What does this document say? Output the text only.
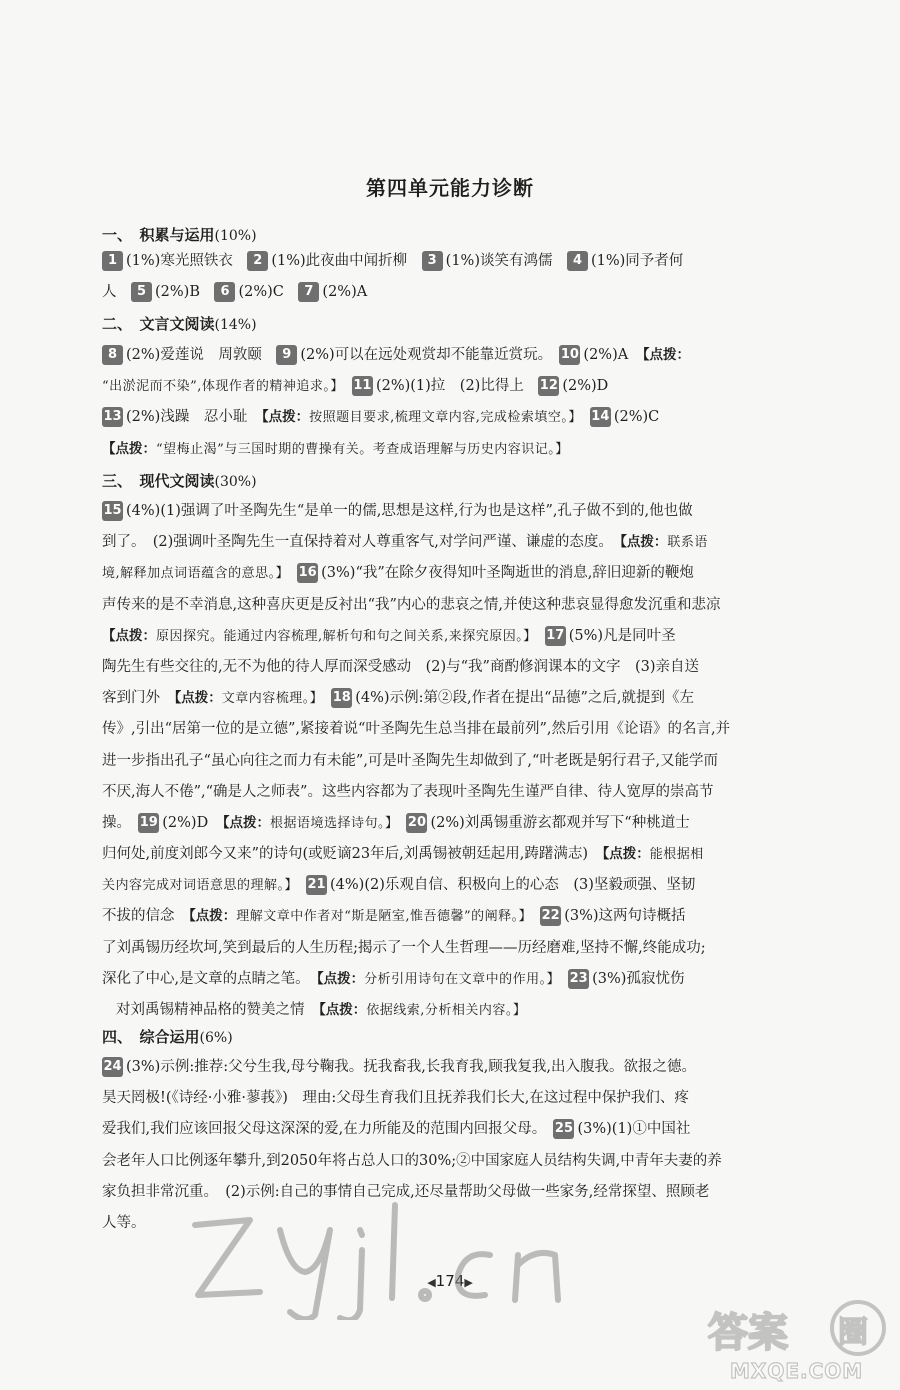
第四单元能力诊断
一、　积累与运用(10%)
1 (1%)寒光照铁衣　 2 (1%)此夜曲中闻折柳　 3 (1%)谈笑有鸿儒　 4 (1%)同予者何
人　 5 (2%)B　 6 (2%)C　 7 (2%)A
二、　文言文阅读(14%)
8 (2%)爱莲说　周敦颐　 9 (2%)可以在远处观赏却不能靠近赏玩。　 10 (2%)A　 【点拨：
“出淤泥而不染”,体现作者的精神追求。】　 11 (2%)(1)拉　(2)比得上　 12 (2%)D
13 (2%)浅躁　忍小耻　 【点拨：按照题目要求,梳理文章内容,完成检索填空。】　 14 (2%)C
【点拨：“望梅止渴”与三国时期的曹操有关。考查成语理解与历史内容识记。】
三、　现代文阅读(30%)
15 (4%)(1)强调了叶圣陶先生“是单一的儒,思想是这样,行为也是这样”,孔子做不到的,他也做
到了。　(2)强调叶圣陶先生一直保持着对人尊重客气,对学问严谨、谦虚的态度。　 【点拨：联系语
境,解释加点词语蕴含的意思。】　 16 (3%)“我”在除夕夜得知叶圣陶逝世的消息,辞旧迎新的鞭炮
声传来的是不幸消息,这种喜庆更是反衬出“我”内心的悲哀之情,并使这种悲哀显得愈发沉重和悲凉
【点拨：原因探究。能通过内容梳理,解析句和句之间关系,来探究原因。】　 17 (5%)凡是同叶圣
陶先生有些交往的,无不为他的待人厚而深受感动　(2)与“我”商酌修润课本的文字　(3)亲自送
客到门外　 【点拨：文章内容梳理。】　 18 (4%)示例:第②段,作者在提出“品德”之后,就提到《左
传》,引出“居第一位的是立德”,紧接着说“叶圣陶先生总当排在最前列”,然后引用《论语》的名言,并
进一步指出孔子“虽心向往之而力有未能”,可是叶圣陶先生却做到了,“叶老既是躬行君子,又能学而
不厌,海人不倦”,“确是人之师表”。这些内容都为了表现叶圣陶先生谨严自律、待人宽厚的崇高节
操。　 19 (2%)D　 【点拨：根据语境选择诗句。】　 20 (2%)刘禹锡重游玄都观并写下“种桃道士
归何处,前度刘郎今又来”的诗句(或贬谪23年后,刘禹锡被朝廷起用,踌躇满志)　 【点拨：能根据相
关内容完成对词语意思的理解。】　 21 (4%)(2)乐观自信、积极向上的心态　(3)坚毅顽强、坚韧
不拔的信念　 【点拨：理解文章中作者对“斯是陋室,惟吾德馨”的阐释。】　 22 (3%)这两句诗概括
了刘禹锡历经坎坷,笑到最后的人生历程;揭示了一个人生哲理——历经磨难,坚持不懈,终能成功;
深化了中心,是文章的点睛之笔。　 【点拨：分析引用诗句在文章中的作用。】　 23 (3%)孤寂忧伤
对刘禹锡精神品格的赞美之情　 【点拨：依据线索,分析相关内容。】
四、　综合运用(6%)
24 (3%)示例:推荐:父兮生我,母兮鞠我。抚我畜我,长我育我,顾我复我,出入腹我。欲报之德。
昊天罔极!(《诗经·小雅·蓼莪》)　理由:父母生育我们且抚养我们长大,在这过程中保护我们、疼
爱我们,我们应该回报父母这深深的爱,在力所能及的范围内回报父母。　 25 (3%)(1)①中国社
会老年人口比例逐年攀升,到2050年将占总人口的30%;②中国家庭人员结构失调,中青年夫妻的养
家负担非常沉重。　(2)示例:自己的事情自己完成,还尽量帮助父母做一些家务,经常探望、照顾老
人等。
◀174▶
答案 圈
MXQE.COM
